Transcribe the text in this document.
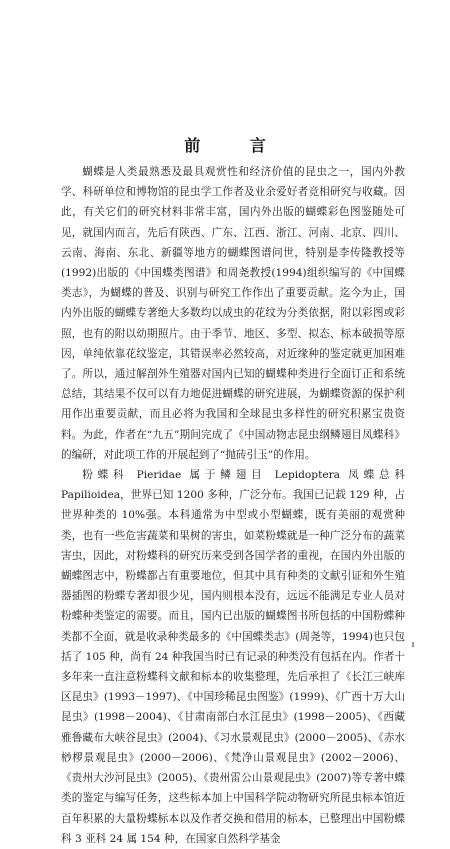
前 言

蝴蝶是人类最熟悉及最具观赏性和经济价值的昆虫之一，国内外教学、科研单位和博物馆的昆虫学工作者及业余爱好者竞相研究与收藏。因此，有关它们的研究材料非常丰富，国内外出版的蝴蝶彩色图鉴随处可见，就国内而言，先后有陕西、广东、江西、浙江、河南、北京、四川、云南、海南、东北、新疆等地方的蝴蝶图谱问世，特别是李传隆教授等(1992)出版的《中国蝶类图谱》和周尧教授(1994)组织编写的《中国蝶类志》，为蝴蝶的普及、识别与研究工作作出了重要贡献。迄今为止，国内外出版的蝴蝶专著绝大多数均以成虫的花纹为分类依据，附以彩图或彩照，也有的附以幼期照片。由于季节、地区、多型、拟态、标本破损等原因，单纯依靠花纹鉴定，其错误率必然较高，对近缘种的鉴定就更加困难了。所以，通过解剖外生殖器对国内已知的蝴蝶种类进行全面订正和系统总结，其结果不仅可以有力地促进蝴蝶的研究进展，为蝴蝶资源的保护利用作出重要贡献，而且必将为我国和全球昆虫多样性的研究积累宝贵资料。为此，作者在“九五”期间完成了《中国动物志昆虫纲鳞翅目凤蝶科》的编研，对此项工作的开展起到了“抛砖引玉”的作用。

粉蝶科 Pieridae 属于鳞翅目 Lepidoptera 凤蝶总科 Papilioidea，世界已知 1200 多种，广泛分布。我国已记载 129 种，占世界种类的 10%强。本科通常为中型或小型蝴蝶，既有美丽的观赏种类，也有一些危害蔬菜和果树的害虫，如菜粉蝶就是一种广泛分布的蔬菜害虫，因此，对粉蝶科的研究历来受到各国学者的重视，在国内外出版的蝴蝶图志中，粉蝶都占有重要地位，但其中具有种类的文献引证和外生殖器插图的粉蝶专著却很少见，国内则根本没有，远远不能满足专业人员对粉蝶种类鉴定的需要。而且，国内已出版的蝴蝶图书所包括的中国粉蝶种类都不全面，就是收录种类最多的《中国蝶类志》(周尧等，1994)也只包括了 105 种，尚有 24 种我国当时已有记录的种类没有包括在内。作者十多年来一直注意粉蝶科文献和标本的收集整理，先后承担了《长江三峡库区昆虫》(1993－1997)、《中国珍稀昆虫图鉴》(1999)、《广西十万大山昆虫》(1998－2004)、《甘肃南部白水江昆虫》(1998－2005)、《西藏雅鲁藏布大峡谷昆虫》(2004)、《习水景观昆虫》(2000－2005)、《赤水桫椤景观昆虫》(2000－2006)、《梵净山景观昆虫》(2002－2006)、《贵州大沙河昆虫》(2005)、《贵州雷公山景观昆虫》(2007)等专著中蝶类的鉴定与编写任务，这些标本加上中国科学院动物研究所昆虫标本馆近百年积累的大量粉蝶标本以及作者交换和借用的标本，已整理出中国粉蝶科 3 亚科 24 属 154 种，在国家自然科学基金
